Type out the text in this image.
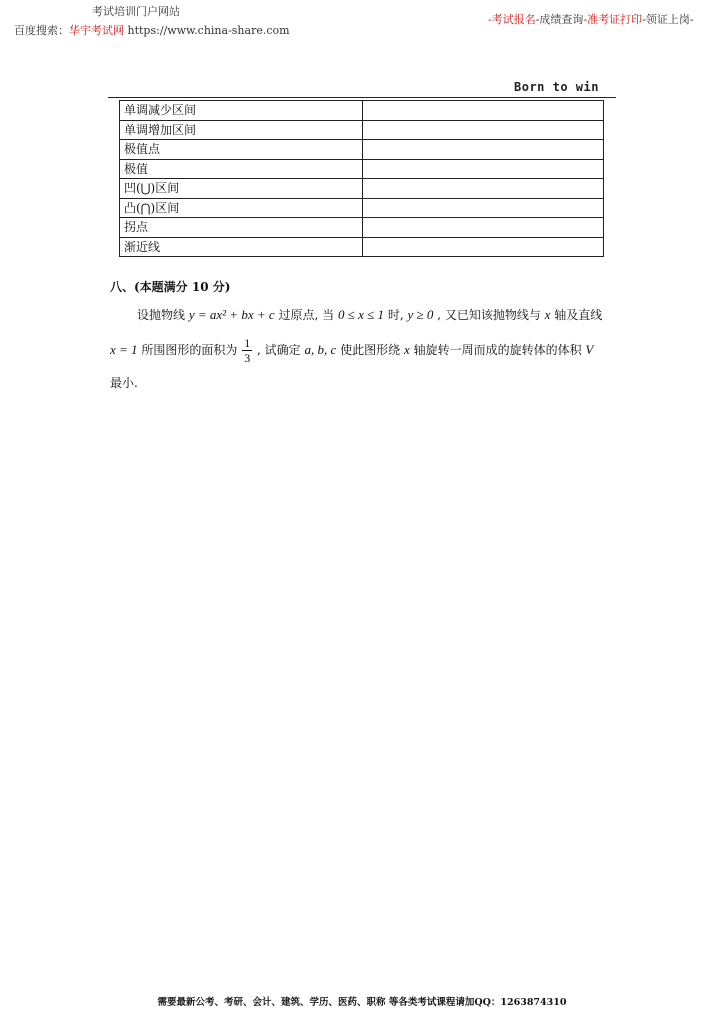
考试培训门户网站
百度搜索：华宇考试网 https://www.china-share.com
-考试报名-成绩查询-准考证打印-领证上岗-
Born to win
单调减少区间	
单调增加区间	
极值点	
极值	
凹(⋃)区间	
凸(⋂)区间	
拐点	
渐近线	
八、(本题满分 10 分)
设抛物线 y = ax² + bx + c 过原点, 当 0 ≤ x ≤ 1 时, y ≥ 0 , 又已知该抛物线与 x 轴及直线
x = 1 所围图形的面积为 $\frac{1}{3}$ , 试确定 a, b, c 使此图形绕 x 轴旋转一周而成的旋转体的体积 V
最小.
需要最新公考、考研、会计、建筑、学历、医药、职称 等各类考试课程请加QQ：1263874310
